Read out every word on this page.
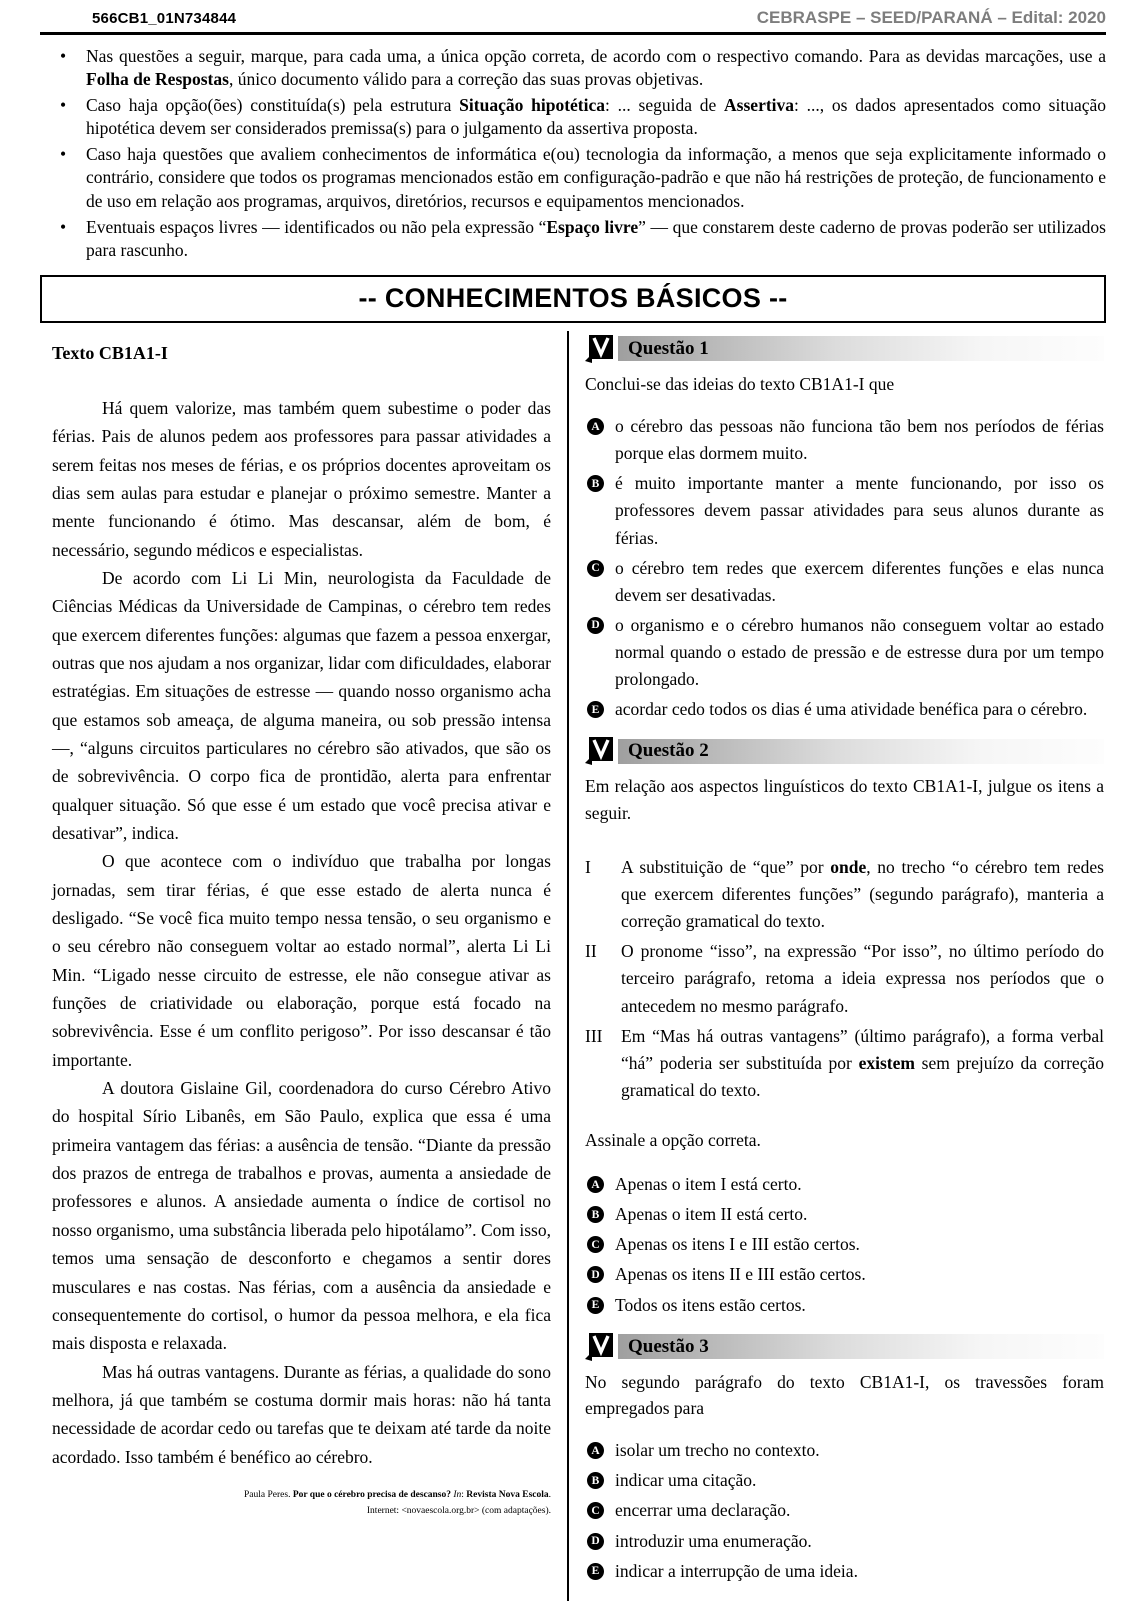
566CB1_01N734844	CEBRASPE – SEED/PARANÁ – Edital: 2020
• Nas questões a seguir, marque, para cada uma, a única opção correta, de acordo com o respectivo comando. Para as devidas marcações, use a Folha de Respostas, único documento válido para a correção das suas provas objetivas.
• Caso haja opção(ões) constituída(s) pela estrutura Situação hipotética: ... seguida de Assertiva: ..., os dados apresentados como situação hipotética devem ser considerados premissa(s) para o julgamento da assertiva proposta.
• Caso haja questões que avaliem conhecimentos de informática e(ou) tecnologia da informação, a menos que seja explicitamente informado o contrário, considere que todos os programas mencionados estão em configuração-padrão e que não há restrições de proteção, de funcionamento e de uso em relação aos programas, arquivos, diretórios, recursos e equipamentos mencionados.
• Eventuais espaços livres — identificados ou não pela expressão “Espaço livre” — que constarem deste caderno de provas poderão ser utilizados para rascunho.
-- CONHECIMENTOS BÁSICOS --
Texto CB1A1-I
Há quem valorize, mas também quem subestime o poder das férias. Pais de alunos pedem aos professores para passar atividades a serem feitas nos meses de férias, e os próprios docentes aproveitam os dias sem aulas para estudar e planejar o próximo semestre. Manter a mente funcionando é ótimo. Mas descansar, além de bom, é necessário, segundo médicos e especialistas.
De acordo com Li Li Min, neurologista da Faculdade de Ciências Médicas da Universidade de Campinas, o cérebro tem redes que exercem diferentes funções: algumas que fazem a pessoa enxergar, outras que nos ajudam a nos organizar, lidar com dificuldades, elaborar estratégias. Em situações de estresse — quando nosso organismo acha que estamos sob ameaça, de alguma maneira, ou sob pressão intensa —, “alguns circuitos particulares no cérebro são ativados, que são os de sobrevivência. O corpo fica de prontidão, alerta para enfrentar qualquer situação. Só que esse é um estado que você precisa ativar e desativar”, indica.
O que acontece com o indivíduo que trabalha por longas jornadas, sem tirar férias, é que esse estado de alerta nunca é desligado. “Se você fica muito tempo nessa tensão, o seu organismo e o seu cérebro não conseguem voltar ao estado normal”, alerta Li Li Min. “Ligado nesse circuito de estresse, ele não consegue ativar as funções de criatividade ou elaboração, porque está focado na sobrevivência. Esse é um conflito perigoso”. Por isso descansar é tão importante.
A doutora Gislaine Gil, coordenadora do curso Cérebro Ativo do hospital Sírio Libanês, em São Paulo, explica que essa é uma primeira vantagem das férias: a ausência de tensão. “Diante da pressão dos prazos de entrega de trabalhos e provas, aumenta a ansiedade de professores e alunos. A ansiedade aumenta o índice de cortisol no nosso organismo, uma substância liberada pelo hipotálamo”. Com isso, temos uma sensação de desconforto e chegamos a sentir dores musculares e nas costas. Nas férias, com a ausência da ansiedade e consequentemente do cortisol, o humor da pessoa melhora, e ela fica mais disposta e relaxada.
Mas há outras vantagens. Durante as férias, a qualidade do sono melhora, já que também se costuma dormir mais horas: não há tanta necessidade de acordar cedo ou tarefas que te deixam até tarde da noite acordado. Isso também é benéfico ao cérebro.
Paula Peres. Por que o cérebro precisa de descanso? In: Revista Nova Escola.
Internet: <novaescola.org.br> (com adaptações).
Questão 1
Conclui-se das ideias do texto CB1A1-I que
A o cérebro das pessoas não funciona tão bem nos períodos de férias porque elas dormem muito.
B é muito importante manter a mente funcionando, por isso os professores devem passar atividades para seus alunos durante as férias.
C o cérebro tem redes que exercem diferentes funções e elas nunca devem ser desativadas.
D o organismo e o cérebro humanos não conseguem voltar ao estado normal quando o estado de pressão e de estresse dura por um tempo prolongado.
E acordar cedo todos os dias é uma atividade benéfica para o cérebro.
Questão 2
Em relação aos aspectos linguísticos do texto CB1A1-I, julgue os itens a seguir.
I	A substituição de “que” por onde, no trecho “o cérebro tem redes que exercem diferentes funções” (segundo parágrafo), manteria a correção gramatical do texto.
II	O pronome “isso”, na expressão “Por isso”, no último período do terceiro parágrafo, retoma a ideia expressa nos períodos que o antecedem no mesmo parágrafo.
III	Em “Mas há outras vantagens” (último parágrafo), a forma verbal “há” poderia ser substituída por existem sem prejuízo da correção gramatical do texto.
Assinale a opção correta.
A Apenas o item I está certo.
B Apenas o item II está certo.
C Apenas os itens I e III estão certos.
D Apenas os itens II e III estão certos.
E Todos os itens estão certos.
Questão 3
No segundo parágrafo do texto CB1A1-I, os travessões foram empregados para
A isolar um trecho no contexto.
B indicar uma citação.
C encerrar uma declaração.
D introduzir uma enumeração.
E indicar a interrupção de uma ideia.
